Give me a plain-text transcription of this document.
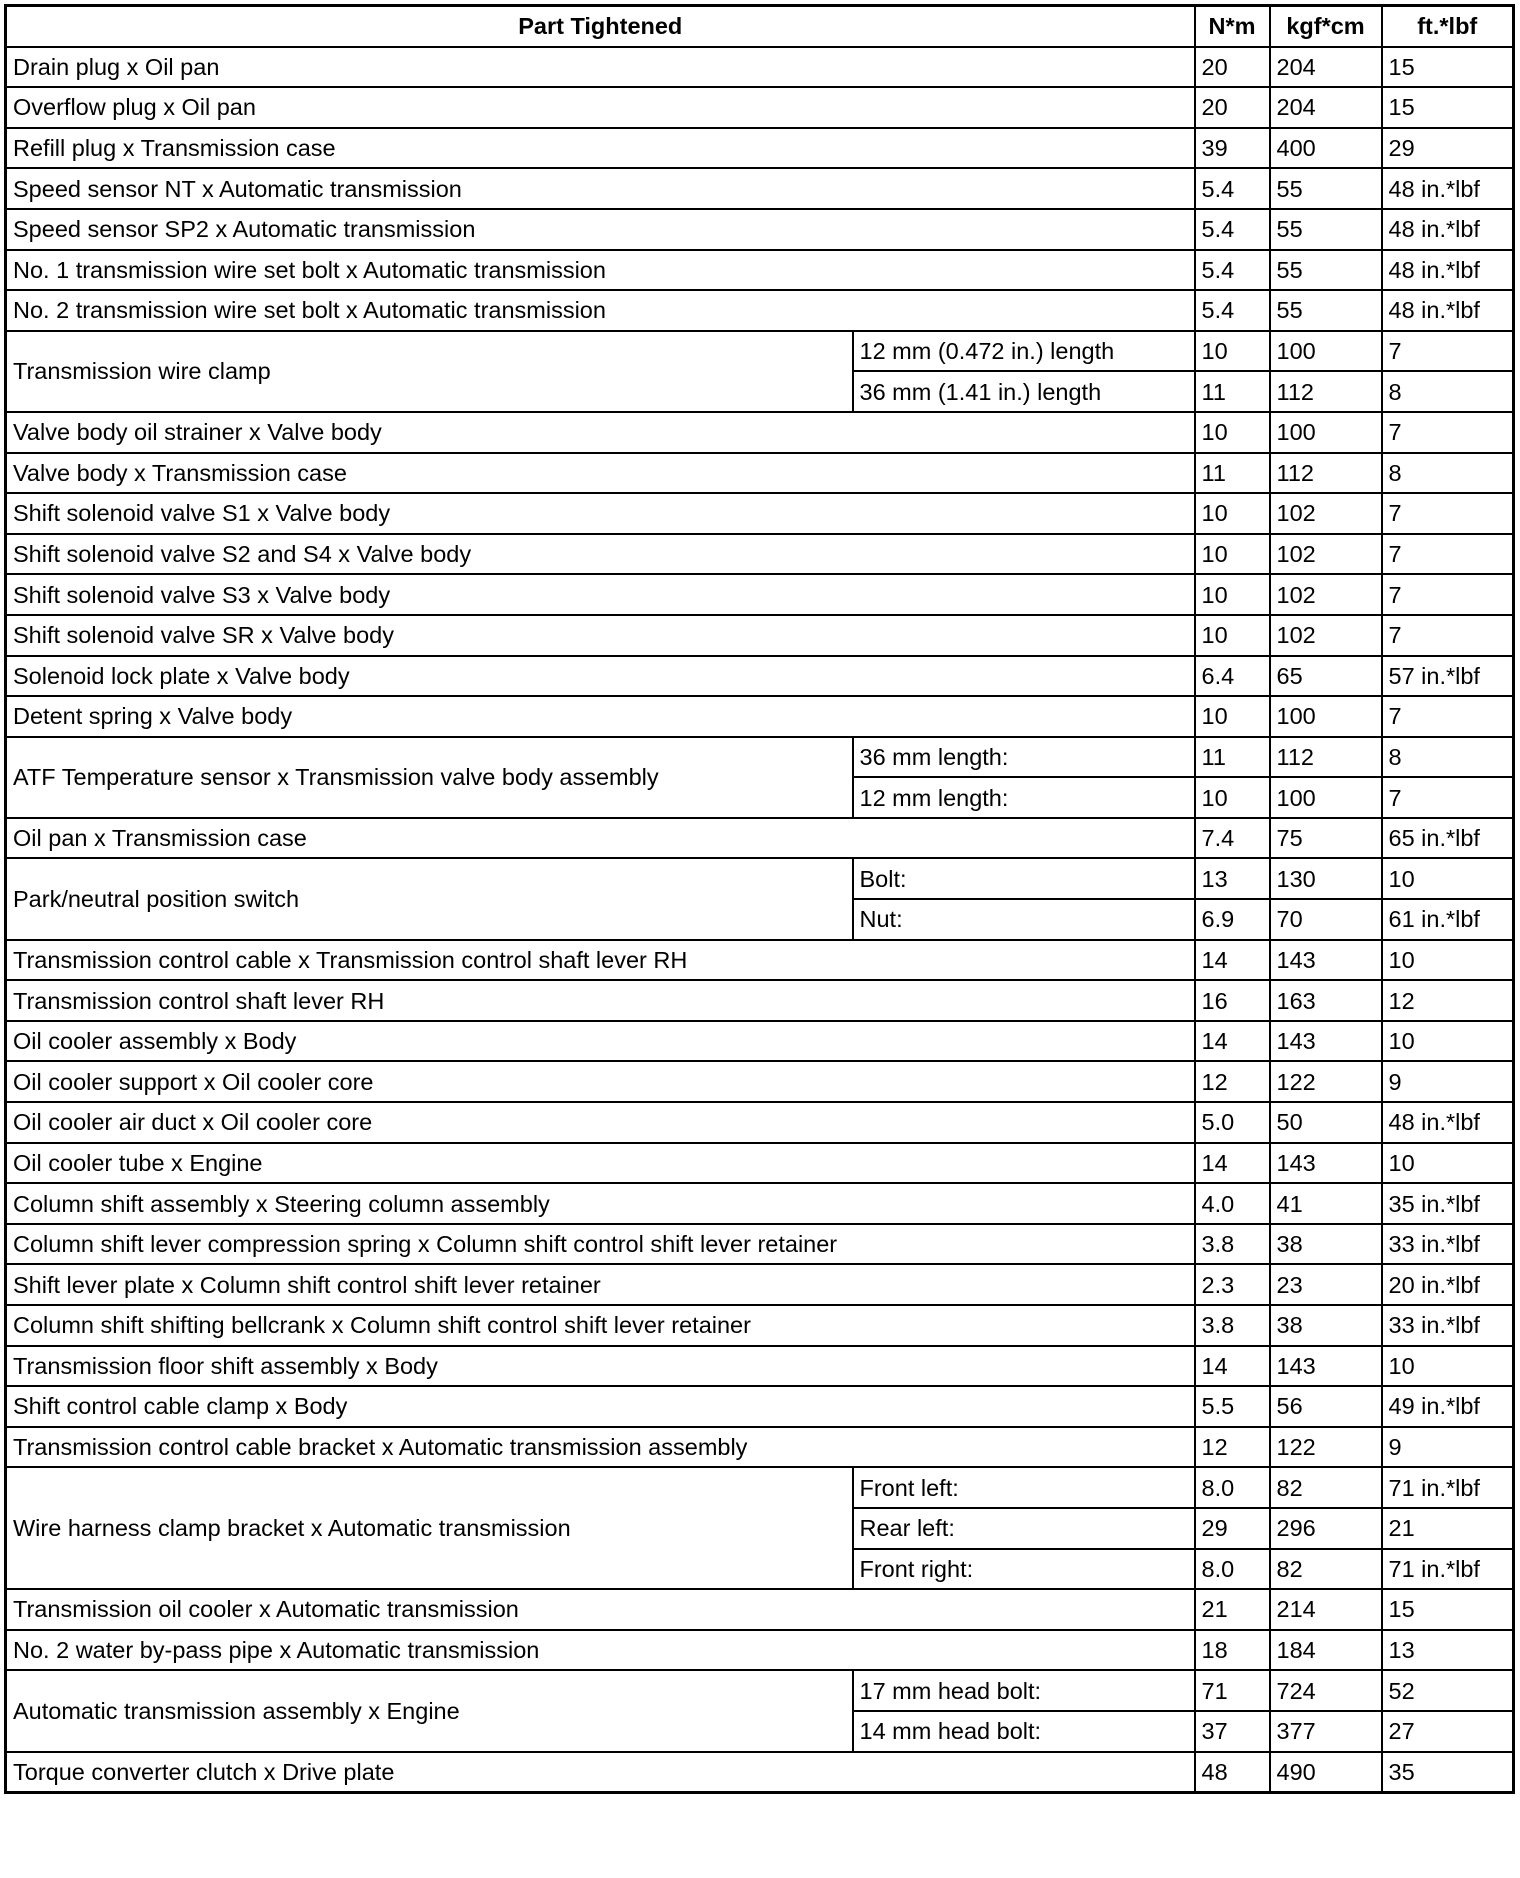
Part Tightened		N*m	kgf*cm	ft.*lbf
Drain plug x Oil pan		20	204	15
Overflow plug x Oil pan		20	204	15
Refill plug x Transmission case		39	400	29
Speed sensor NT x Automatic transmission		5.4	55	48 in.*lbf
Speed sensor SP2 x Automatic transmission		5.4	55	48 in.*lbf
No. 1 transmission wire set bolt x Automatic transmission		5.4	55	48 in.*lbf
No. 2 transmission wire set bolt x Automatic transmission		5.4	55	48 in.*lbf
Transmission wire clamp	12 mm (0.472 in.) length	10	100	7
	36 mm (1.41 in.) length	11	112	8
Valve body oil strainer x Valve body		10	100	7
Valve body x Transmission case		11	112	8
Shift solenoid valve S1 x Valve body		10	102	7
Shift solenoid valve S2 and S4 x Valve body		10	102	7
Shift solenoid valve S3 x Valve body		10	102	7
Shift solenoid valve SR x Valve body		10	102	7
Solenoid lock plate x Valve body		6.4	65	57 in.*lbf
Detent spring x Valve body		10	100	7
ATF Temperature sensor x Transmission valve body assembly	36 mm length:	11	112	8
	12 mm length:	10	100	7
Oil pan x Transmission case		7.4	75	65 in.*lbf
Park/neutral position switch	Bolt:	13	130	10
	Nut:	6.9	70	61 in.*lbf
Transmission control cable x Transmission control shaft lever RH		14	143	10
Transmission control shaft lever RH		16	163	12
Oil cooler assembly x Body		14	143	10
Oil cooler support x Oil cooler core		12	122	9
Oil cooler air duct x Oil cooler core		5.0	50	48 in.*lbf
Oil cooler tube x Engine		14	143	10
Column shift assembly x Steering column assembly		4.0	41	35 in.*lbf
Column shift lever compression spring x Column shift control shift lever retainer		3.8	38	33 in.*lbf
Shift lever plate x Column shift control shift lever retainer		2.3	23	20 in.*lbf
Column shift shifting bellcrank x Column shift control shift lever retainer		3.8	38	33 in.*lbf
Transmission floor shift assembly x Body		14	143	10
Shift control cable clamp x Body		5.5	56	49 in.*lbf
Transmission control cable bracket x Automatic transmission assembly		12	122	9
Wire harness clamp bracket x Automatic transmission	Front left:	8.0	82	71 in.*lbf
	Rear left:	29	296	21
	Front right:	8.0	82	71 in.*lbf
Transmission oil cooler x Automatic transmission		21	214	15
No. 2 water by-pass pipe x Automatic transmission		18	184	13
Automatic transmission assembly x Engine	17 mm head bolt:	71	724	52
	14 mm head bolt:	37	377	27
Torque converter clutch x Drive plate		48	490	35
